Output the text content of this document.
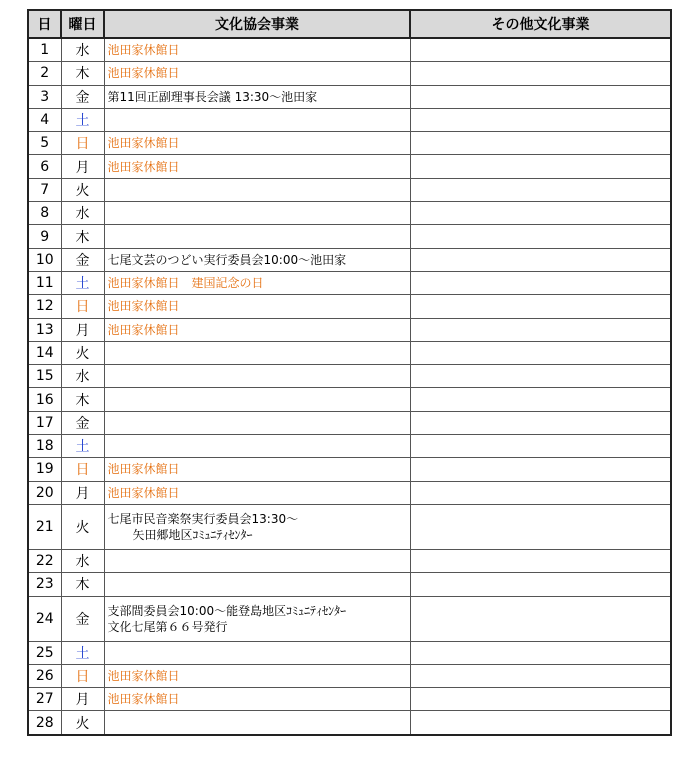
日	曜日	文化協会事業	その他文化事業
1	水	池田家休館日	

2	木	池田家休館日	

3	金	第11回正副理事長会議 13:30～池田家	

4	土		
5	日	池田家休館日	

6	月	池田家休館日	

7	火		
8	水		
9	木		
10	金	七尾文芸のつどい実行委員会10:00～池田家	

11	土	池田家休館日　建国記念の日	

12	日	池田家休館日	

13	月	池田家休館日	

14	火		
15	水		
16	木		
17	金		
18	土		
19	日	池田家休館日	

20	月	池田家休館日	

21	火	七尾市民音楽祭実行委員会13:30～
矢田郷地区ｺﾐｭﾆﾃｨｾﾝﾀｰ	

22	水		
23	木		
24	金	支部間委員会10:00～能登島地区ｺﾐｭﾆﾃｨｾﾝﾀｰ
文化七尾第６６号発行	

25	土		
26	日	池田家休館日	

27	月	池田家休館日	

28	火		
